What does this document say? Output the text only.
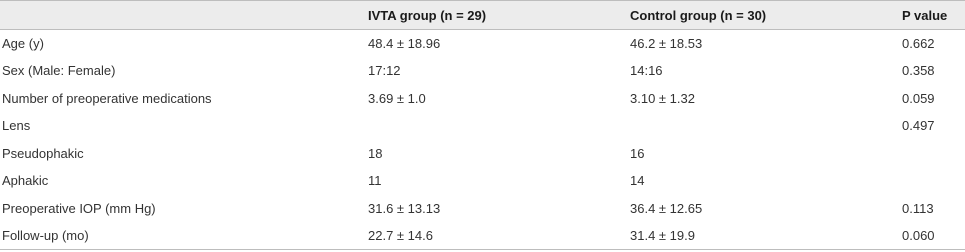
	IVTA group (n = 29)	Control group (n = 30)	P value
Age (y)	48.4 ± 18.96	46.2 ± 18.53	0.662
Sex (Male: Female)	17:12	14:16	0.358
Number of preoperative medications	3.69 ± 1.0	3.10 ± 1.32	0.059
Lens			0.497
Pseudophakic	18	16	
Aphakic	11	14	
Preoperative IOP (mm Hg)	31.6 ± 13.13	36.4 ± 12.65	0.113
Follow-up (mo)	22.7 ± 14.6	31.4 ± 19.9	0.060
